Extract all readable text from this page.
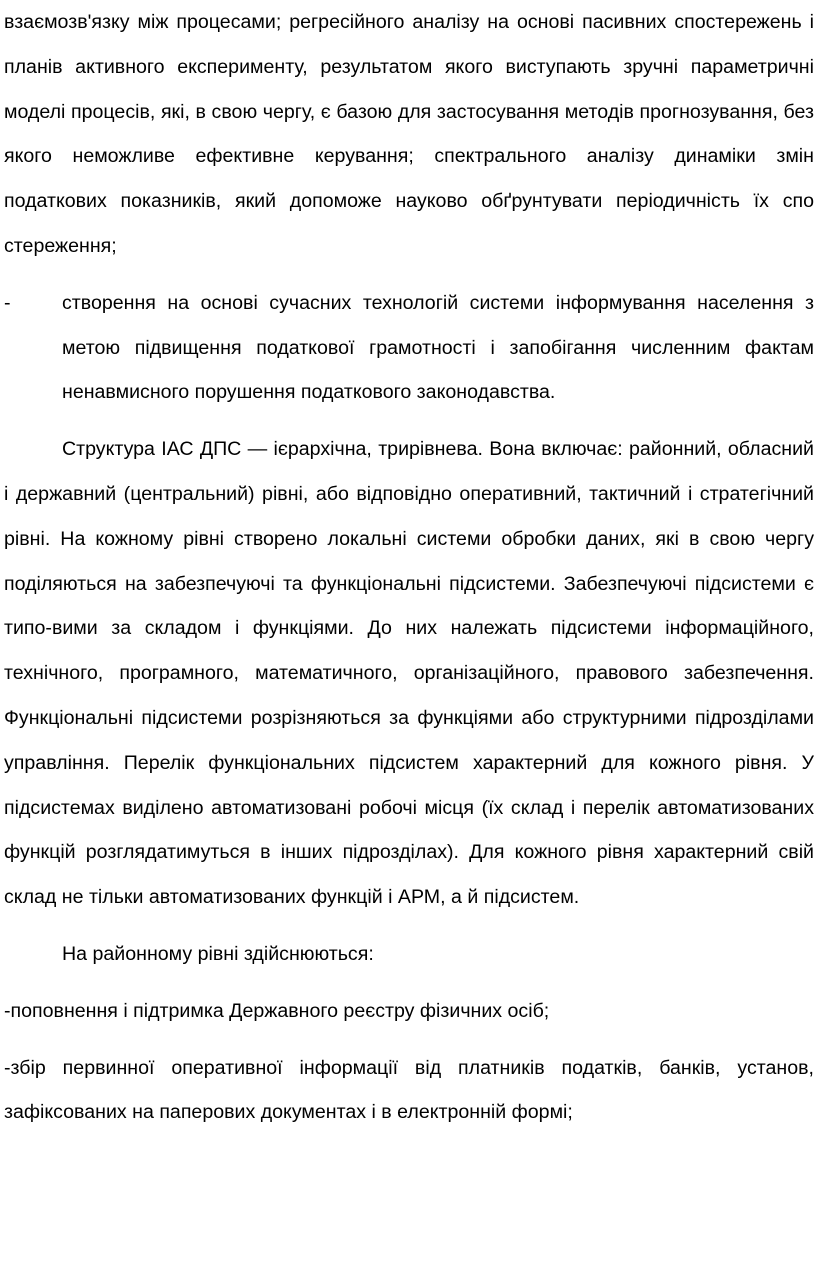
взаємозв'язку між процесами; регресійного аналізу на основі пасивних спостережень і планів активного експерименту, результатом якого виступають зручні параметричні моделі процесів, які, в свою чергу, є базою для застосування методів прогнозування, без якого неможливе ефективне керування; спектрального аналізу динаміки змін податкових показників, який допоможе науково обґрунтувати періодичність їх спо стереження;

-	створення на основі сучасних технологій системи інформування населення з метою підвищення податкової грамотності і запобігання численним фактам ненавмисного порушення податкового законодавства.

Структура ІАС ДПС — ієрархічна, трирівнева. Вона включає: районний, обласний і державний (центральний) рівні, або відповідно оперативний, тактичний і стратегічний рівні. На кожному рівні створено локальні системи обробки даних, які в свою чергу поділяються на забезпечуючі та функціональні підсистеми. Забезпечуючі підсистеми є типо-вими за складом і функціями. До них належать підсистеми інформаційного, технічного, програмного, математичного, організаційного, правового забезпечення. Функціональні підсистеми розрізняються за функціями або структурними підрозділами управління. Перелік функціональних підсистем характерний для кожного рівня. У підсистемах виділено автоматизовані робочі місця (їх склад і перелік автоматизованих функцій розглядатимуться в інших підрозділах). Для кожного рівня характерний свій склад не тільки автоматизованих функцій і АРМ, а й підсистем.

На районному рівні здійснюються:

-поповнення і підтримка Державного реєстру фізичних осіб;

-збір первинної оперативної інформації від платників податків, банків, установ, зафіксованих на паперових документах і в електронній формі;
